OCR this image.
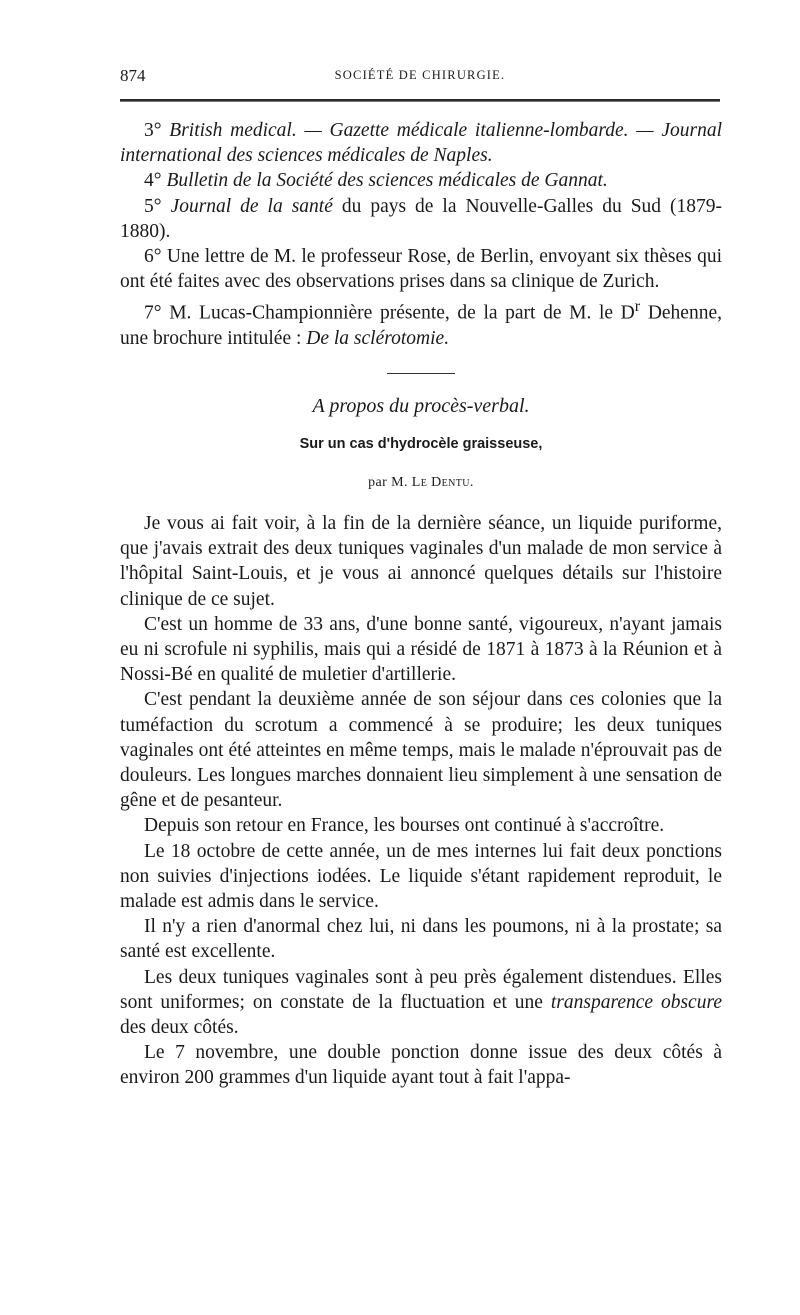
874	SOCIÉTÉ DE CHIRURGIE.

3° British medical. — Gazette médicale italienne-lombarde. — Journal international des sciences médicales de Naples.

4° Bulletin de la Société des sciences médicales de Gannat.

5° Journal de la santé du pays de la Nouvelle-Galles du Sud (1879-1880).

6° Une lettre de M. le professeur Rose, de Berlin, envoyant six thèses qui ont été faites avec des observations prises dans sa clinique de Zurich.

7° M. Lucas-Championnière présente, de la part de M. le $D^r$ Dehenne, une brochure intitulée : De la sclérotomie.

A propos du procès-verbal.
Sur un cas d'hydrocèle graisseuse,
par M. Le Dentu.

Je vous ai fait voir, à la fin de la dernière séance, un liquide puriforme, que j'avais extrait des deux tuniques vaginales d'un malade de mon service à l'hôpital Saint-Louis, et je vous ai annoncé quelques détails sur l'histoire clinique de ce sujet.

C'est un homme de 33 ans, d'une bonne santé, vigoureux, n'ayant jamais eu ni scrofule ni syphilis, mais qui a résidé de 1871 à 1873 à la Réunion et à Nossi-Bé en qualité de muletier d'artillerie.

C'est pendant la deuxième année de son séjour dans ces colonies que la tuméfaction du scrotum a commencé à se produire; les deux tuniques vaginales ont été atteintes en même temps, mais le malade n'éprouvait pas de douleurs. Les longues marches donnaient lieu simplement à une sensation de gêne et de pesanteur.

Depuis son retour en France, les bourses ont continué à s'accroître.

Le 18 octobre de cette année, un de mes internes lui fait deux ponctions non suivies d'injections iodées. Le liquide s'étant rapidement reproduit, le malade est admis dans le service.

Il n'y a rien d'anormal chez lui, ni dans les poumons, ni à la prostate; sa santé est excellente.

Les deux tuniques vaginales sont à peu près également distendues. Elles sont uniformes; on constate de la fluctuation et une transparence obscure des deux côtés.

Le 7 novembre, une double ponction donne issue des deux côtés à environ 200 grammes d'un liquide ayant tout à fait l'appa-
